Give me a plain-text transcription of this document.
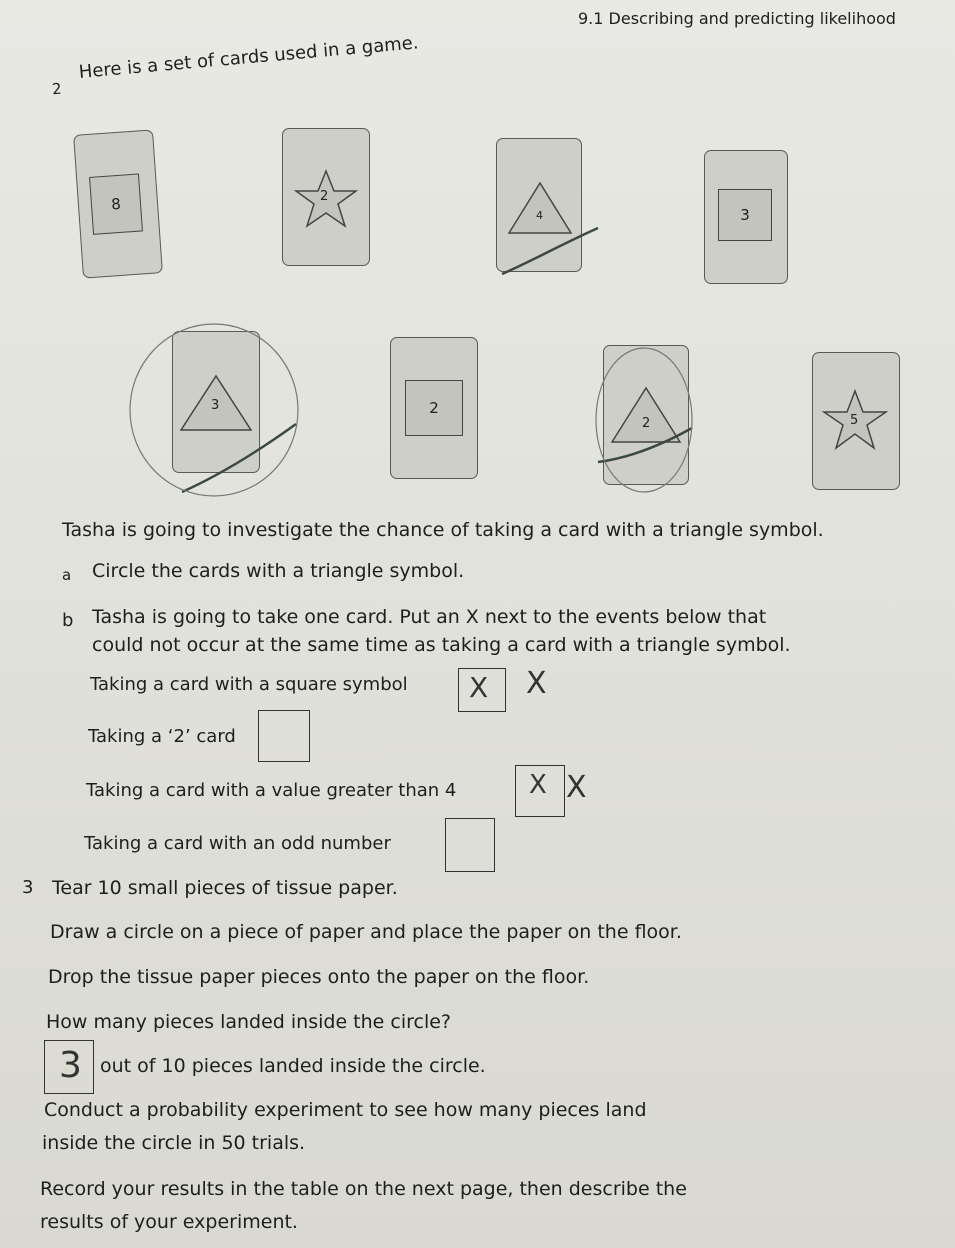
9.1 Describing and predicting likelihood
2
Here is a set of cards used in a game.
8	2
4	3
3	2
2	5
Tasha is going to investigate the chance of taking a card with a triangle symbol.
a Circle the cards with a triangle symbol.
b Tasha is going to take one card. Put an X next to the events below that
could not occur at the same time as taking a card with a triangle symbol.
Taking a card with a square symbol X X
Taking a ‘2’ card
Taking a card with a value greater than 4	X X
Taking a card with an odd number
3 Tear 10 small pieces of tissue paper.
Draw a circle on a piece of paper and place the paper on the floor.
Drop the tissue paper pieces onto the paper on the floor.
How many pieces landed inside the circle?
3 out of 10 pieces landed inside the circle.
Conduct a probability experiment to see how many pieces land
inside the circle in 50 trials.
Record your results in the table on the next page, then describe the
results of your experiment.
